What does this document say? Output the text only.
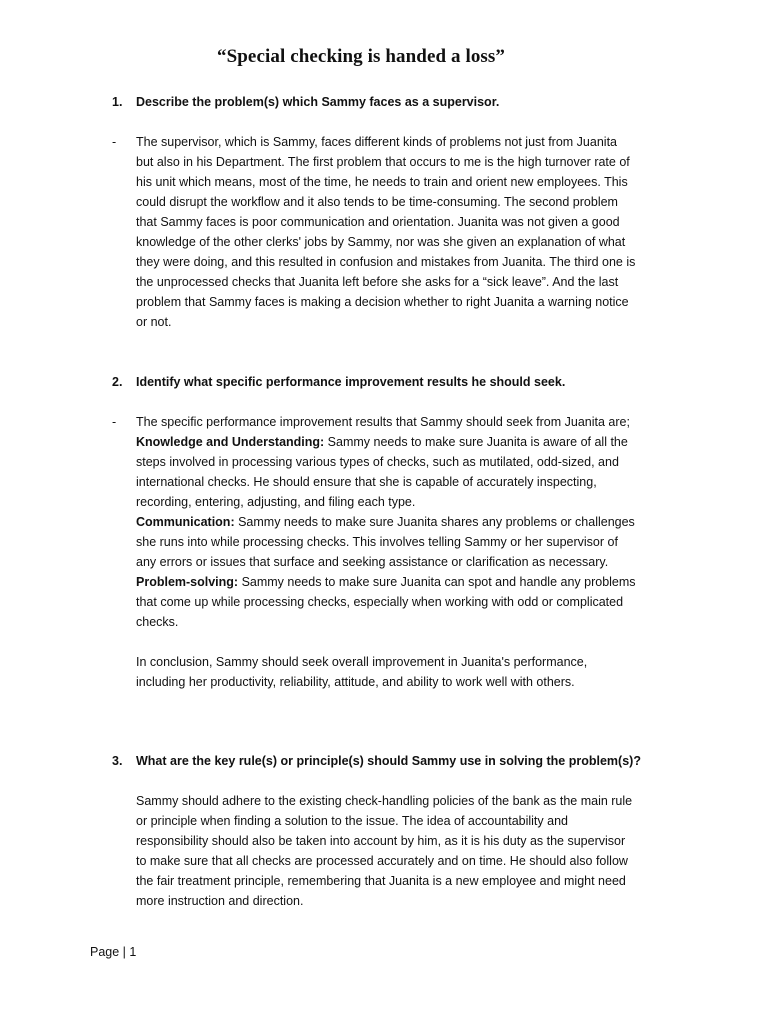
“Special checking is handed a loss”
1. Describe the problem(s) which Sammy faces as a supervisor.
- The supervisor, which is Sammy, faces different kinds of problems not just from Juanita but also in his Department. The first problem that occurs to me is the high turnover rate of his unit which means, most of the time, he needs to train and orient new employees. This could disrupt the workflow and it also tends to be time-consuming. The second problem that Sammy faces is poor communication and orientation. Juanita was not given a good knowledge of the other clerks' jobs by Sammy, nor was she given an explanation of what they were doing, and this resulted in confusion and mistakes from Juanita. The third one is the unprocessed checks that Juanita left before she asks for a “sick leave”. And the last problem that Sammy faces is making a decision whether to right Juanita a warning notice or not.

2. Identify what specific performance improvement results he should seek.
- The specific performance improvement results that Sammy should seek from Juanita are;

Knowledge and Understanding: Sammy needs to make sure Juanita is aware of all the steps involved in processing various types of checks, such as mutilated, odd-sized, and international checks. He should ensure that she is capable of accurately inspecting, recording, entering, adjusting, and filing each type.

Communication: Sammy needs to make sure Juanita shares any problems or challenges she runs into while processing checks. This involves telling Sammy or her supervisor of any errors or issues that surface and seeking assistance or clarification as necessary.

Problem-solving: Sammy needs to make sure Juanita can spot and handle any problems that come up while processing checks, especially when working with odd or complicated checks.

In conclusion, Sammy should seek overall improvement in Juanita's performance, including her productivity, reliability, attitude, and ability to work well with others.

3. What are the key rule(s) or principle(s) should Sammy use in solving the problem(s)?

Sammy should adhere to the existing check-handling policies of the bank as the main rule or principle when finding a solution to the issue. The idea of accountability and responsibility should also be taken into account by him, as it is his duty as the supervisor to make sure that all checks are processed accurately and on time. He should also follow the fair treatment principle, remembering that Juanita is a new employee and might need more instruction and direction.

Page | 1
